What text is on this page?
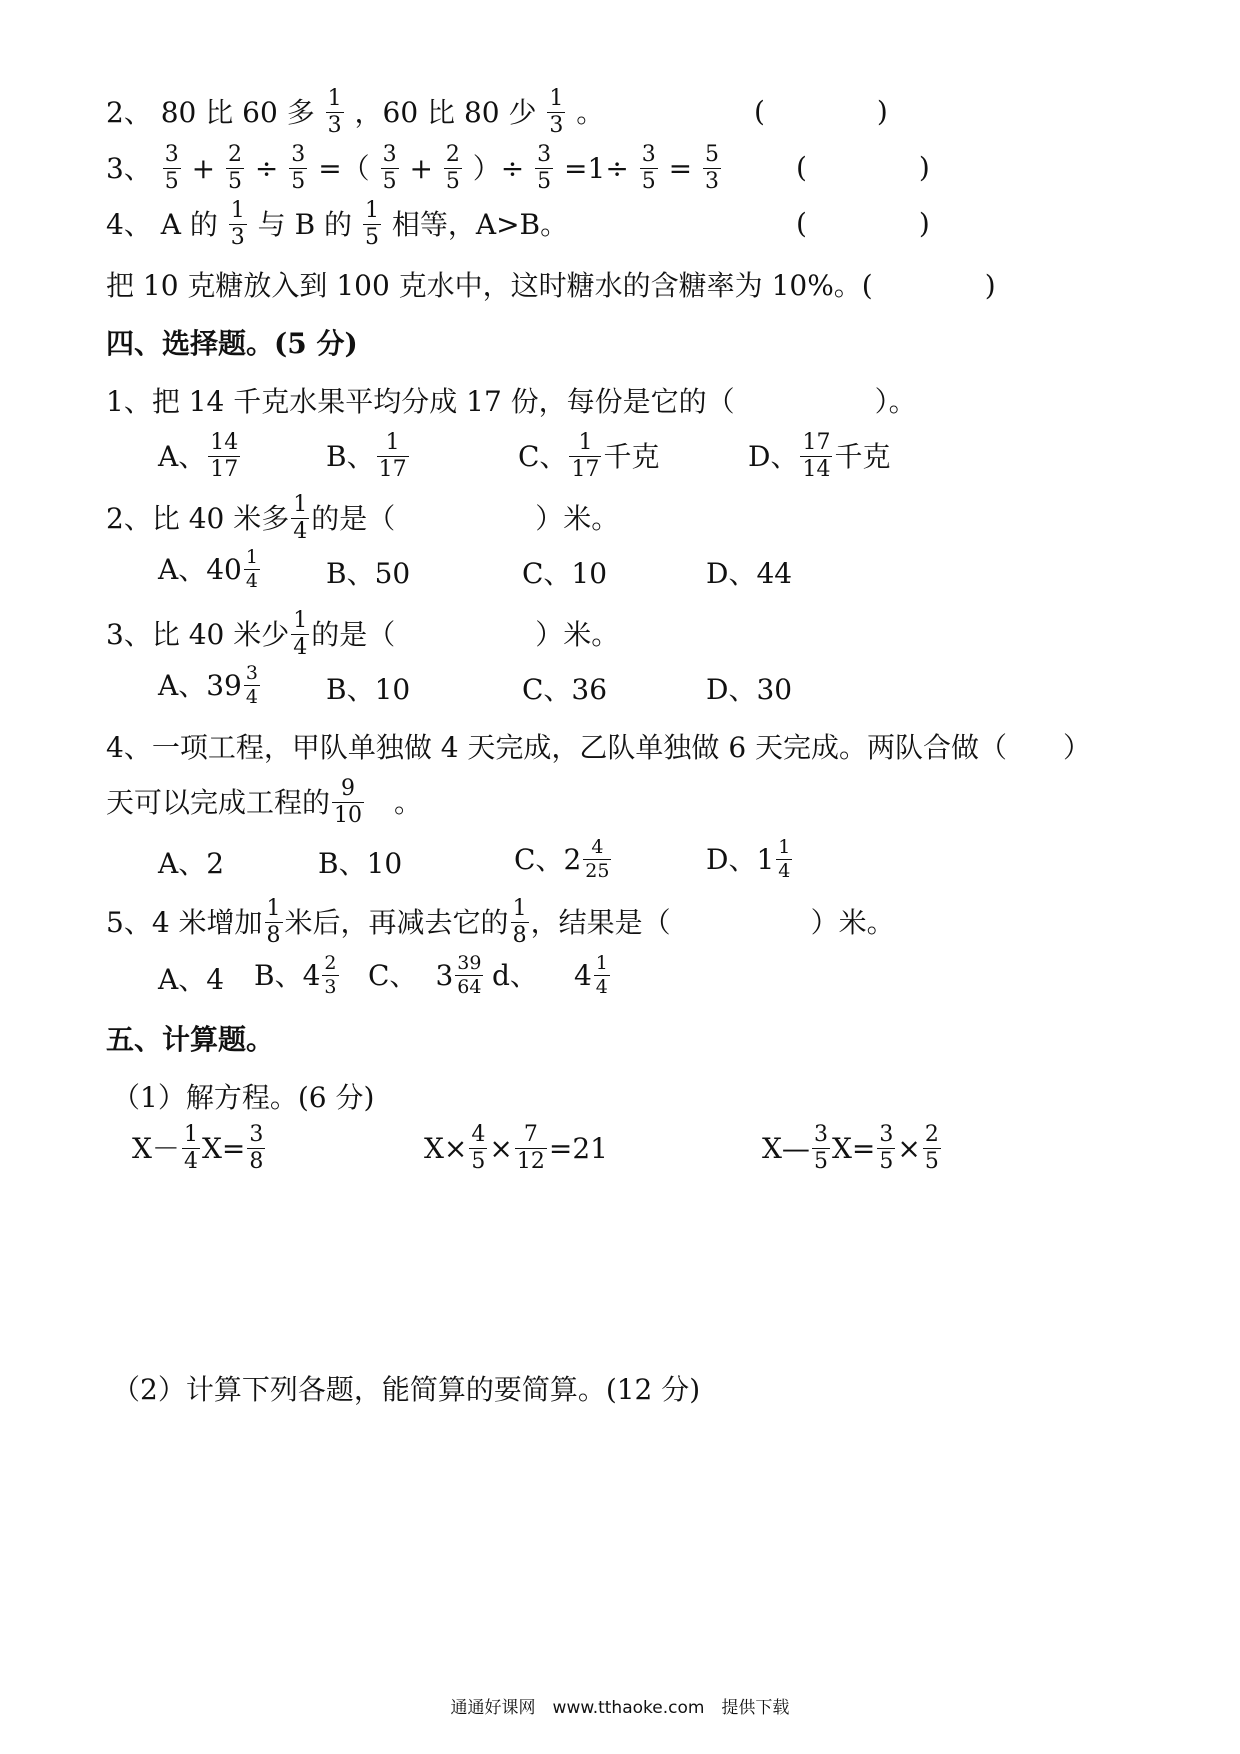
2、 80 比 60 多 $\frac{1}{3}$ ，60 比 80 少 $\frac{1}{3}$ 。	(　　　　)
3、 $\frac{3}{5} + \frac{2}{5} \div \frac{3}{5}$ =（ $\frac{3}{5} + \frac{2}{5}$ ）÷ $\frac{3}{5} =1\div \frac{3}{5} = \frac{5}{3}$	(　　　　)
4、 A 的 $\frac{1}{3}$ 与 B 的 $\frac{1}{5}$ 相等，A>B。	(　　　　)
把 10 克糖放入到 100 克水中，这时糖水的含糖率为 10%。(　　　　)
四、选择题。(5 分)
1、把 14 千克水果平均分成 17 份，每份是它的（　　　　　）。
A、 $\frac{14}{17}$	B、 $\frac{1}{17}$	C、 $\frac{1}{17}$ 千克	D、 $\frac{17}{14}$ 千克
2、比 40 米多 $\frac{1}{4}$ 的是（　　　　　）米。
A、$40 \frac{1}{4}$ B、50	C、10	D、44
3、比 40 米少 $\frac{1}{4}$ 的是（　　　　　）米。
A、$39 \frac{3}{4}$ B、10	C、36	D、30
4、一项工程，甲队单独做 4 天完成，乙队单独做 6 天完成。两队合做（　　）
天可以完成工程的 $\frac{9}{10}$ 　。
A、2	B、10	C、$2 \frac{4}{25}$	D、$1 \frac{1}{4}$
5、4 米增加 $\frac{1}{8}$ 米后，再减去它的 $\frac{1}{8}$ ，结果是（　　　　　）米。
A、4 B、$4 \frac{2}{3}$ C、 $3 \frac{39}{64}$ d、 $4 \frac{1}{4}$
五、计算题。
（1）解方程。(6 分)
$X- \frac{1}{4} X= \frac{3}{8}$	$X\times \frac{4}{5} \times \frac{7}{12} =21$	X— $\frac{3}{5} X= \frac{3}{5} \times \frac{2}{5}$
（2）计算下列各题，能简算的要简算。(12 分)
通通好课网　www.tthaoke.com　提供下载
